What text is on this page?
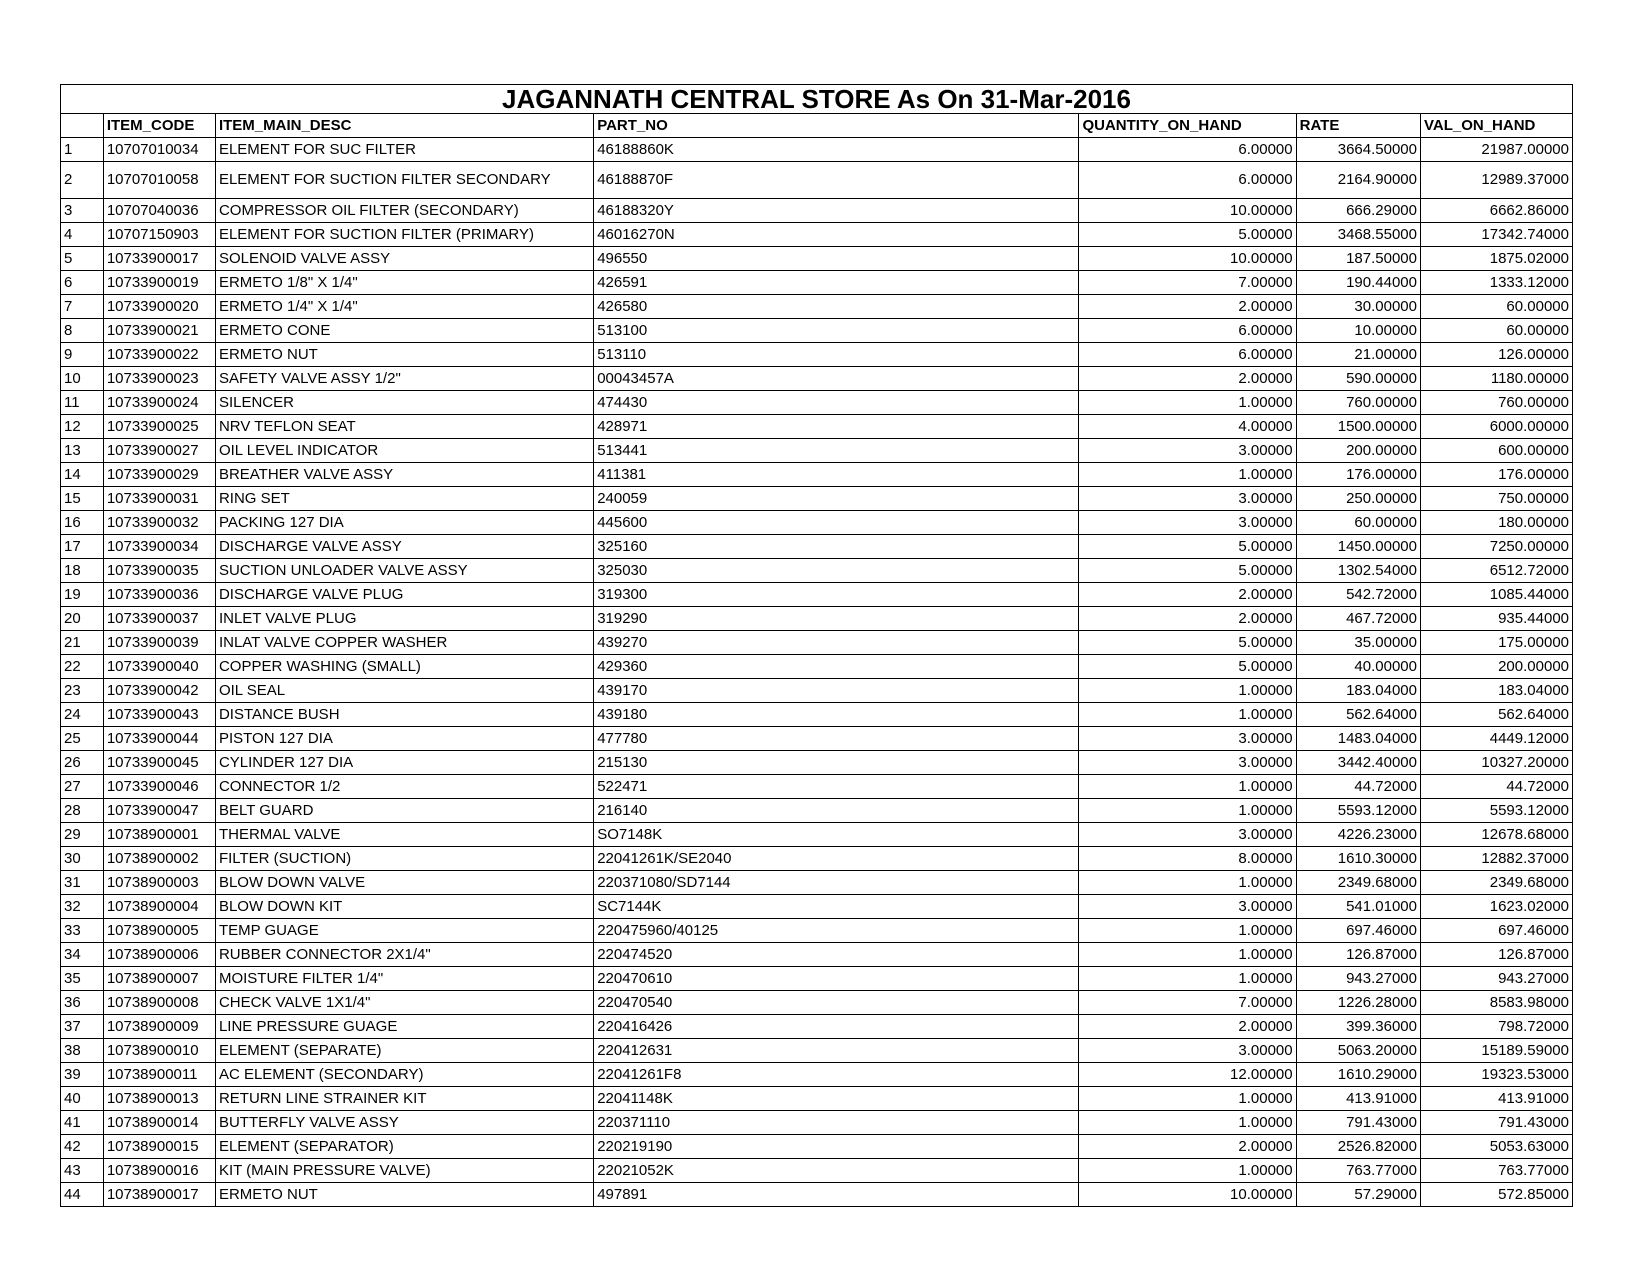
JAGANNATH CENTRAL STORE As On 31-Mar-2016						
	ITEM_CODE	ITEM_MAIN_DESC	PART_NO	QUANTITY_ON_HAND	RATE	VAL_ON_HAND
1	10707010034	ELEMENT FOR SUC FILTER	46188860K	6.00000	3664.50000	21987.00000
2	10707010058	ELEMENT FOR SUCTION FILTER SECONDARY	46188870F	6.00000	2164.90000	12989.37000
3	10707040036	COMPRESSOR OIL FILTER (SECONDARY)	46188320Y	10.00000	666.29000	6662.86000
4	10707150903	ELEMENT FOR SUCTION FILTER (PRIMARY)	46016270N	5.00000	3468.55000	17342.74000
5	10733900017	SOLENOID VALVE ASSY	496550	10.00000	187.50000	1875.02000
6	10733900019	ERMETO 1/8" X 1/4"	426591	7.00000	190.44000	1333.12000
7	10733900020	ERMETO 1/4" X 1/4"	426580	2.00000	30.00000	60.00000
8	10733900021	ERMETO CONE	513100	6.00000	10.00000	60.00000
9	10733900022	ERMETO NUT	513110	6.00000	21.00000	126.00000
10	10733900023	SAFETY VALVE ASSY 1/2"	00043457A	2.00000	590.00000	1180.00000
11	10733900024	SILENCER	474430	1.00000	760.00000	760.00000
12	10733900025	NRV TEFLON SEAT	428971	4.00000	1500.00000	6000.00000
13	10733900027	OIL LEVEL INDICATOR	513441	3.00000	200.00000	600.00000
14	10733900029	BREATHER VALVE ASSY	411381	1.00000	176.00000	176.00000
15	10733900031	RING SET	240059	3.00000	250.00000	750.00000
16	10733900032	PACKING 127 DIA	445600	3.00000	60.00000	180.00000
17	10733900034	DISCHARGE VALVE ASSY	325160	5.00000	1450.00000	7250.00000
18	10733900035	SUCTION UNLOADER VALVE ASSY	325030	5.00000	1302.54000	6512.72000
19	10733900036	DISCHARGE VALVE PLUG	319300	2.00000	542.72000	1085.44000
20	10733900037	INLET VALVE PLUG	319290	2.00000	467.72000	935.44000
21	10733900039	INLAT VALVE COPPER WASHER	439270	5.00000	35.00000	175.00000
22	10733900040	COPPER WASHING (SMALL)	429360	5.00000	40.00000	200.00000
23	10733900042	OIL SEAL	439170	1.00000	183.04000	183.04000
24	10733900043	DISTANCE BUSH	439180	1.00000	562.64000	562.64000
25	10733900044	PISTON 127 DIA	477780	3.00000	1483.04000	4449.12000
26	10733900045	CYLINDER 127 DIA	215130	3.00000	3442.40000	10327.20000
27	10733900046	CONNECTOR 1/2	522471	1.00000	44.72000	44.72000
28	10733900047	BELT GUARD	216140	1.00000	5593.12000	5593.12000
29	10738900001	THERMAL VALVE	SO7148K	3.00000	4226.23000	12678.68000
30	10738900002	FILTER (SUCTION)	22041261K/SE2040	8.00000	1610.30000	12882.37000
31	10738900003	BLOW DOWN VALVE	220371080/SD7144	1.00000	2349.68000	2349.68000
32	10738900004	BLOW DOWN KIT	SC7144K	3.00000	541.01000	1623.02000
33	10738900005	TEMP GUAGE	220475960/40125	1.00000	697.46000	697.46000
34	10738900006	RUBBER CONNECTOR 2X1/4"	220474520	1.00000	126.87000	126.87000
35	10738900007	MOISTURE FILTER 1/4"	220470610	1.00000	943.27000	943.27000
36	10738900008	CHECK VALVE 1X1/4"	220470540	7.00000	1226.28000	8583.98000
37	10738900009	LINE PRESSURE GUAGE	220416426	2.00000	399.36000	798.72000
38	10738900010	ELEMENT (SEPARATE)	220412631	3.00000	5063.20000	15189.59000
39	10738900011	AC ELEMENT (SECONDARY)	22041261F8	12.00000	1610.29000	19323.53000
40	10738900013	RETURN LINE STRAINER KIT	22041148K	1.00000	413.91000	413.91000
41	10738900014	BUTTERFLY VALVE ASSY	220371110	1.00000	791.43000	791.43000
42	10738900015	ELEMENT (SEPARATOR)	220219190	2.00000	2526.82000	5053.63000
43	10738900016	KIT (MAIN PRESSURE VALVE)	22021052K	1.00000	763.77000	763.77000
44	10738900017	ERMETO NUT	497891	10.00000	57.29000	572.85000
